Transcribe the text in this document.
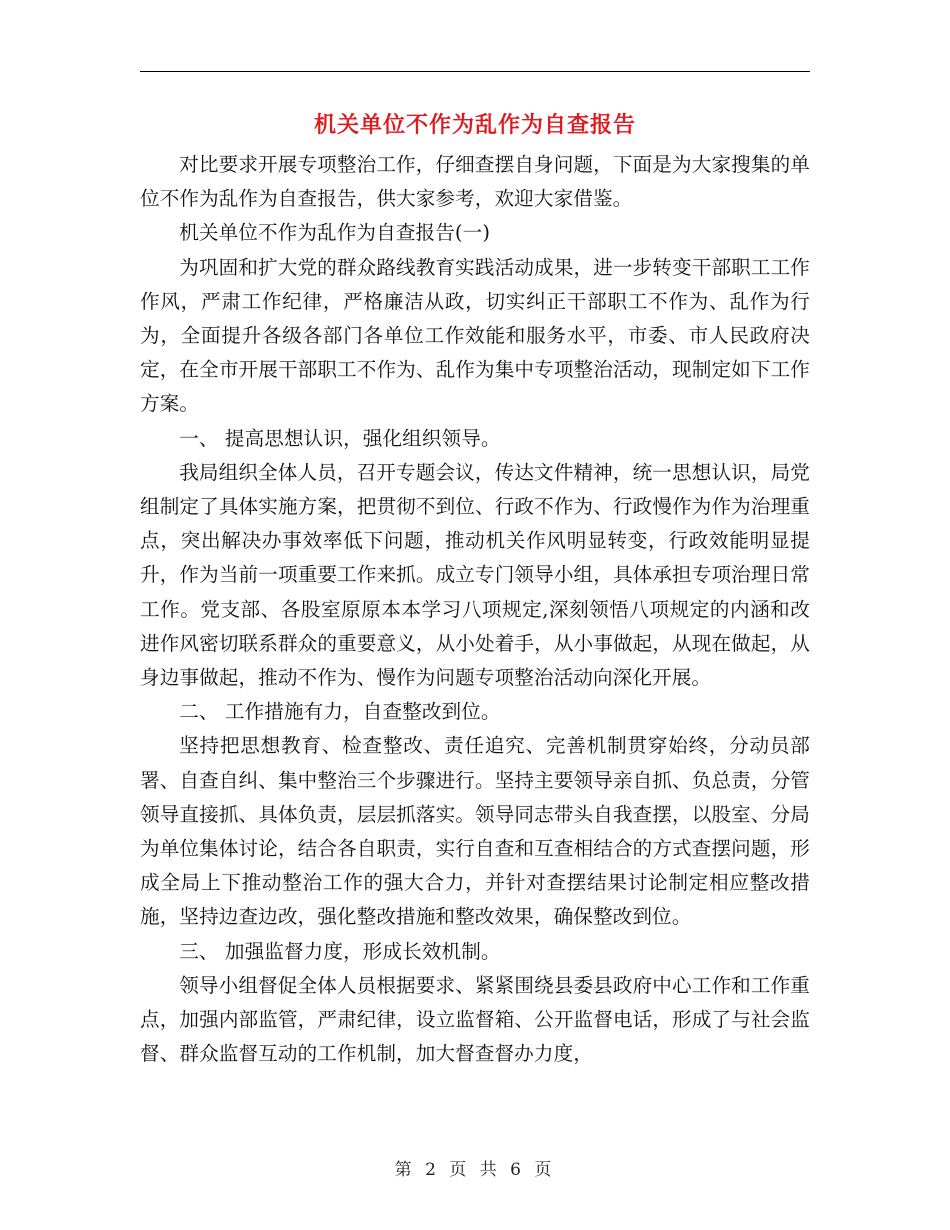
机关单位不作为乱作为自查报告

对比要求开展专项整治工作，仔细查摆自身问题，下面是为大家搜集的单位不作为乱作为自查报告，供大家参考，欢迎大家借鉴。

机关单位不作为乱作为自查报告(一)

为巩固和扩大党的群众路线教育实践活动成果，进一步转变干部职工工作作风，严肃工作纪律，严格廉洁从政，切实纠正干部职工不作为、乱作为行为，全面提升各级各部门各单位工作效能和服务水平，市委、市人民政府决定，在全市开展干部职工不作为、乱作为集中专项整治活动，现制定如下工作方案。

一、 提高思想认识，强化组织领导。

我局组织全体人员，召开专题会议，传达文件精神，统一思想认识，局党组制定了具体实施方案，把贯彻不到位、行政不作为、行政慢作为作为治理重点，突出解决办事效率低下问题，推动机关作风明显转变，行政效能明显提升，作为当前一项重要工作来抓。成立专门领导小组，具体承担专项治理日常工作。党支部、各股室原原本本学习八项规定,深刻领悟八项规定的内涵和改进作风密切联系群众的重要意义，从小处着手，从小事做起，从现在做起，从身边事做起，推动不作为、慢作为问题专项整治活动向深化开展。

二、 工作措施有力，自查整改到位。

坚持把思想教育、检查整改、责任追究、完善机制贯穿始终，分动员部署、自查自纠、集中整治三个步骤进行。坚持主要领导亲自抓、负总责，分管领导直接抓、具体负责，层层抓落实。领导同志带头自我查摆，以股室、分局为单位集体讨论，结合各自职责，实行自查和互查相结合的方式查摆问题，形成全局上下推动整治工作的强大合力，并针对查摆结果讨论制定相应整改措施，坚持边查边改，强化整改措施和整改效果，确保整改到位。

三、 加强监督力度，形成长效机制。

领导小组督促全体人员根据要求、紧紧围绕县委县政府中心工作和工作重点，加强内部监管，严肃纪律，设立监督箱、公开监督电话，形成了与社会监督、群众监督互动的工作机制，加大督查督办力度，

第 2 页 共 6 页
